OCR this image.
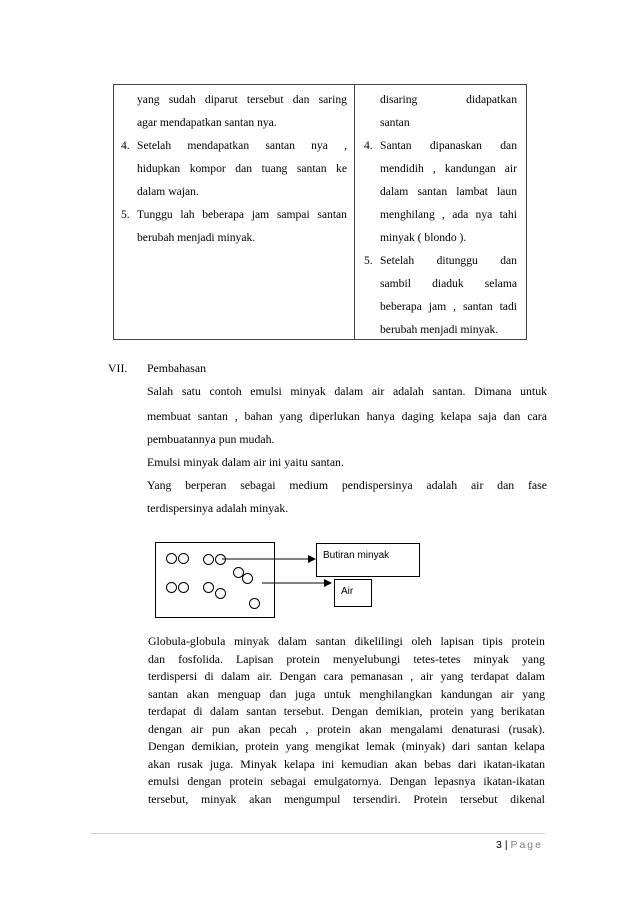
VII. Pembahasan
Salah satu contoh emulsi minyak dalam air adalah santan. Dimana untuk
membuat santan , bahan yang diperlukan hanya daging kelapa saja dan cara
pembuatannya pun mudah.
Emulsi minyak dalam air ini yaitu santan.
Yang berperan sebagai medium pendispersinya adalah air dan fase
terdispersinya adalah minyak.
Butiran minyak
Air
Globula-globula minyak dalam santan dikelilingi oleh lapisan tipis protein
dan fosfolida. Lapisan protein menyelubungi tetes-tetes minyak yang
terdispersi di dalam air. Dengan cara pemanasan , air yang terdapat dalam
santan akan menguap dan juga untuk menghilangkan kandungan air yang
terdapat di dalam santan tersebut. Dengan demikian, protein yang berikatan
dengan air pun akan pecah , protein akan mengalami denaturasi (rusak).
Dengan demikian, protein yang mengikat lemak (minyak) dari santan kelapa
akan rusak juga. Minyak kelapa ini kemudian akan bebas dari ikatan-ikatan
emulsi dengan protein sebagai emulgatornya. Dengan lepasnya ikatan-ikatan
tersebut, minyak akan mengumpul tersendiri. Protein tersebut dikenal
3 | Page
yang sudah diparut tersebut dan saring
agar mendapatkan santan nya.
Setelah mendapatkan santan nya ,
4.
hidupkan kompor dan tuang santan ke
dalam wajan.
Tunggu lah beberapa jam sampai santan
5.
berubah menjadi minyak.
disaring	didapatkan
santan
Santan dipanaskan dan
4.
mendidih , kandungan air
dalam santan lambat laun
menghilang , ada nya tahi
minyak ( blondo ).
Setelah ditunggu dan
5.
sambil diaduk selama
beberapa jam , santan tadi
berubah menjadi minyak.
